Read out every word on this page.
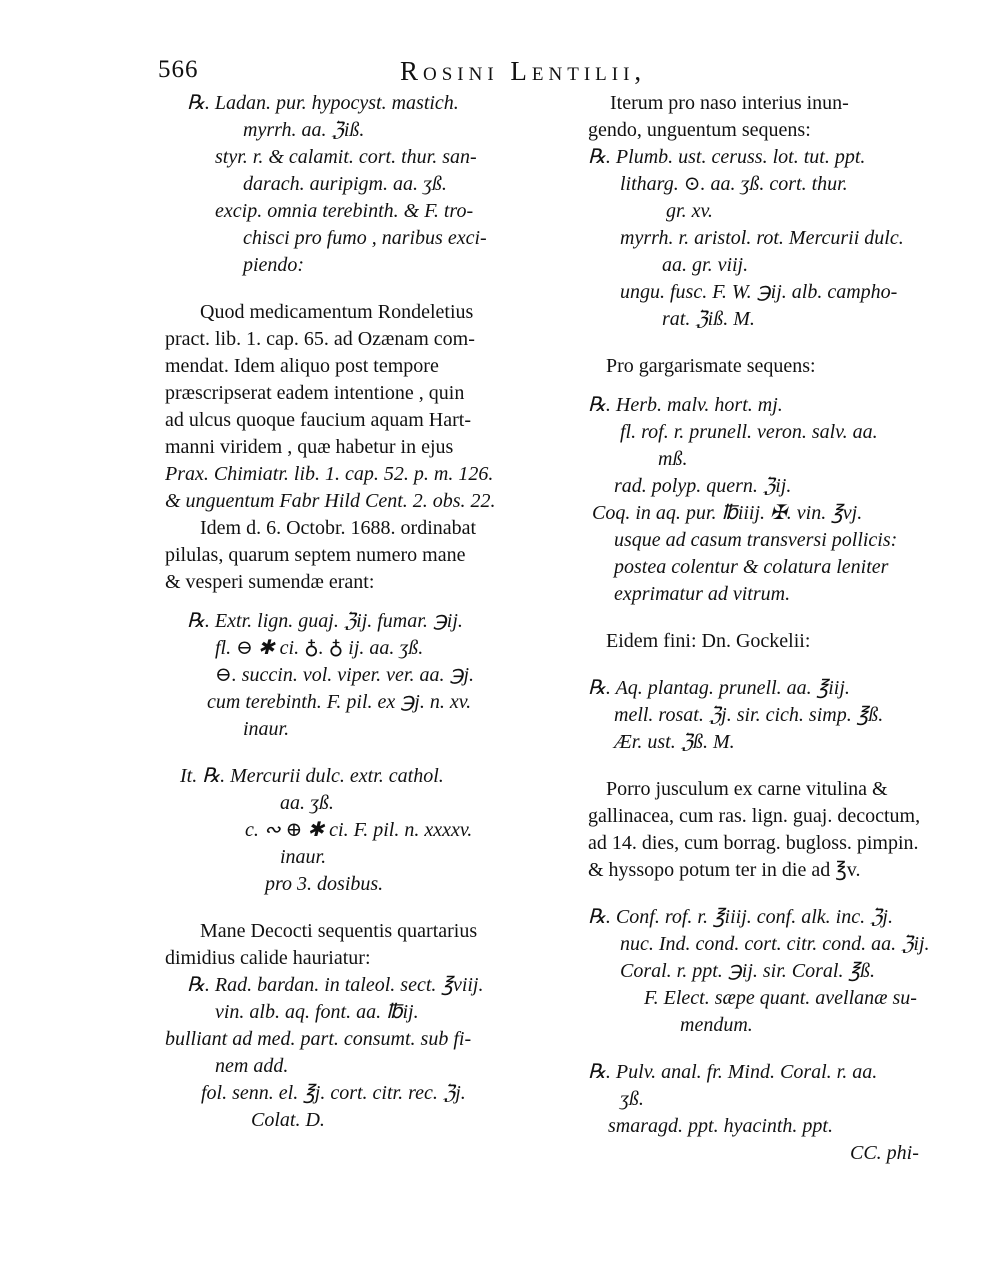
566	Rosini Lentilii,
℞. Ladan. pur. hypocyst. mastich.
myrrh. aa. ℨiß.
styr. r. & calamit. cort. thur. san-
darach. auripigm. aa. ʒß.
excip. omnia terebinth. & F. tro-
chisci pro fumo , naribus exci-
piendo:
Quod medicamentum Rondeletius
pract. lib. 1. cap. 65. ad Ozænam com-
mendat. Idem aliquo post tempore
præscripserat eadem intentione , quin
ad ulcus quoque faucium aquam Hart-
manni viridem , quæ habetur in ejus
Prax. Chimiatr. lib. 1. cap. 52. p. m. 126.
& unguentum Fabr Hild Cent. 2. obs. 22.
Idem d. 6. Octobr. 1688. ordinabat
pilulas, quarum septem numero mane
& vesperi sumendæ erant:
℞. Extr. lign. guaj. ℨij. fumar. ℈ij.
fl. ⊖ ✱ ci. ♁. ♁ ij. aa. ʒß.
⊖. succin. vol. viper. ver. aa. ℈j.
cum terebinth. F. pil. ex ℈j. n. xv.
inaur.
It. ℞. Mercurii dulc. extr. cathol.
aa. ʒß.
c. ∾ ⊕ ✱ ci. F. pil. n. xxxxv.
inaur.
pro 3. dosibus.
Mane Decocti sequentis quartarius
dimidius calide hauriatur:
℞. Rad. bardan. in taleol. sect. ℥viij.
vin. alb. aq. font. aa. ℔ij.
bulliant ad med. part. consumt. sub fi-
nem add.
fol. senn. el. ℥j. cort. citr. rec. ℨj.
Colat. D.
Iterum pro naso interius inun-
gendo, unguentum sequens:
℞. Plumb. ust. ceruss. lot. tut. ppt.
litharg. ⊙. aa. ʒß. cort. thur.
gr. xv.
myrrh. r. aristol. rot. Mercurii dulc.
aa. gr. viij.
ungu. fusc. F. W. ℈ij. alb. campho-
rat. ℨiß. M.
Pro gargarismate sequens:
℞. Herb. malv. hort. mj.
fl. rof. r. prunell. veron. salv. aa.
mß.
rad. polyp. quern. ℨij.
Coq. in aq. pur. ℔iiij. ✠. vin. ℥vj.
usque ad casum transversi pollicis:
postea colentur & colatura leniter
exprimatur ad vitrum.
Eidem fini: Dn. Gockelii:
℞. Aq. plantag. prunell. aa. ℥iij.
mell. rosat. ℨj. sir. cich. simp. ℥ß.
Ær. ust. ℨß. M.
Porro jusculum ex carne vitulina &
gallinacea, cum ras. lign. guaj. decoctum,
ad 14. dies, cum borrag. bugloss. pimpin.
& hyssopo potum ter in die ad ℥v.
℞. Conf. rof. r. ℥iiij. conf. alk. inc. ℨj.
nuc. Ind. cond. cort. citr. cond. aa. ℨij.
Coral. r. ppt. ℈ij. sir. Coral. ℥ß.
F. Elect. sæpe quant. avellanæ su-
mendum.
℞. Pulv. anal. fr. Mind. Coral. r. aa.
ʒß.
smaragd. ppt. hyacinth. ppt.
CC. phi-
